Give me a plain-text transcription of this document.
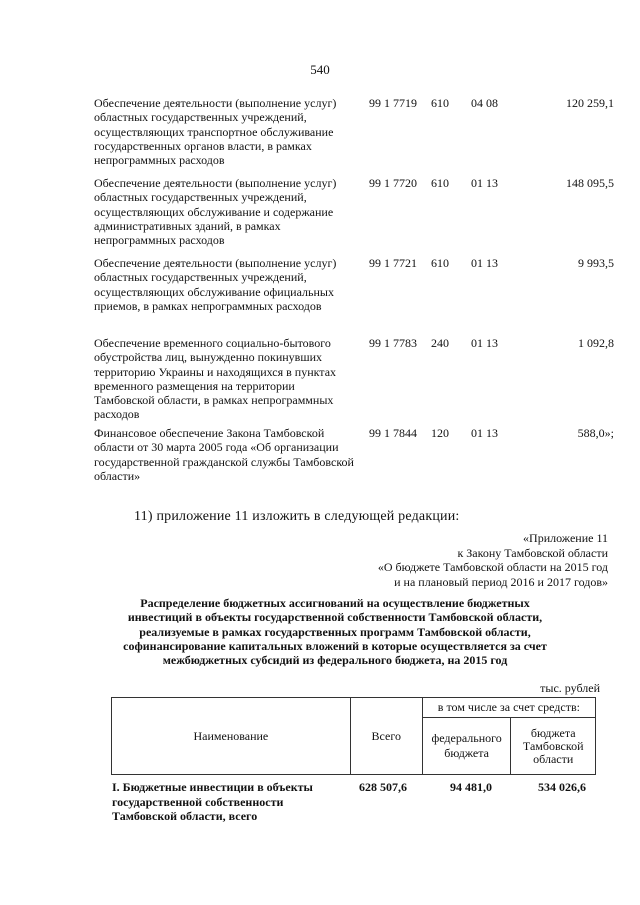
540
Обеспечение деятельности (выполнение услуг) областных государственных учреждений, осуществляющих транспортное обслуживание государственных органов власти, в рамках непрограммных расходов
99 1 7719 610 04 08	120 259,1
Обеспечение деятельности (выполнение услуг) областных государственных учреждений, осуществляющих обслуживание и содержание административных зданий, в рамках непрограммных расходов
99 1 7720 610 01 13	148 095,5
Обеспечение деятельности (выполнение услуг) областных государственных учреждений, осуществляющих обслуживание официальных приемов, в рамках непрограммных расходов
99 1 7721 610 01 13	9 993,5
Обеспечение временного социально-бытового обустройства лиц, вынужденно покинувших территорию Украины и находящихся в пунктах временного размещения на территории Тамбовской области, в рамках непрограммных расходов
99 1 7783 240 01 13	1 092,8
Финансовое обеспечение Закона Тамбовской области от 30 марта 2005 года «Об организации государственной гражданской службы Тамбовской области»
99 1 7844 120 01 13	588,0»;
11) приложение 11 изложить в следующей редакции:
«Приложение 11
к Закону Тамбовской области
«О бюджете Тамбовской области на 2015 год
и на плановый период 2016 и 2017 годов»
Распределение бюджетных ассигнований на осуществление бюджетных инвестиций в объекты государственной собственности Тамбовской области, реализуемые в рамках государственных программ Тамбовской области, софинансирование капитальных вложений в которые осуществляется за счет межбюджетных субсидий из федерального бюджета, на 2015 год
тыс. рублей
Наименование	Всего	в том числе за счет средств:	
		федерального бюджета	бюджета Тамбовской области
I. Бюджетные инвестиции в объекты государственной собственности Тамбовской области, всего
628 507,6	94 481,0	534 026,6
